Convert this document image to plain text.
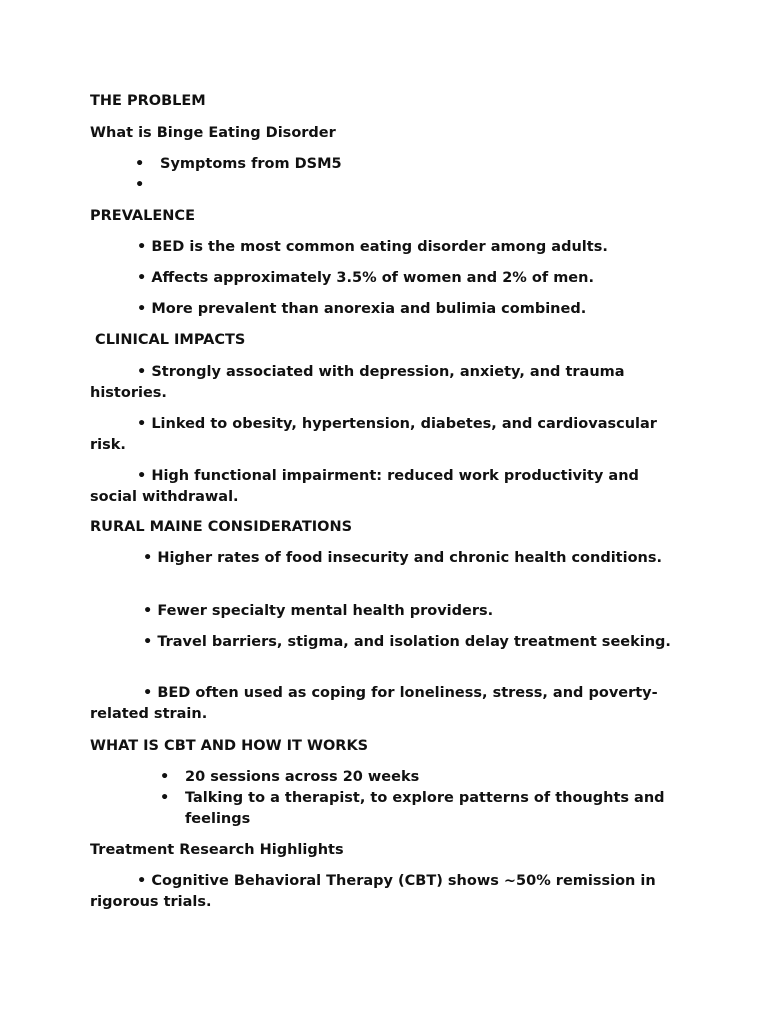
THE PROBLEM
What is Binge Eating Disorder
• Symptoms from DSM5
•
PREVALENCE
• BED is the most common eating disorder among adults.
• Affects approximately 3.5% of women and 2% of men.
• More prevalent than anorexia and bulimia combined.
CLINICAL IMPACTS
• Strongly associated with depression, anxiety, and trauma histories.
• Linked to obesity, hypertension, diabetes, and cardiovascular risk.
• High functional impairment: reduced work productivity and social withdrawal.
RURAL MAINE CONSIDERATIONS
• Higher rates of food insecurity and chronic health conditions.
• Fewer specialty mental health providers.
• Travel barriers, stigma, and isolation delay treatment seeking.
• BED often used as coping for loneliness, stress, and poverty-related strain.
WHAT IS CBT AND HOW IT WORKS
• 20 sessions across 20 weeks
• Talking to a therapist, to explore patterns of thoughts and feelings
Treatment Research Highlights
• Cognitive Behavioral Therapy (CBT) shows ~50% remission in rigorous trials.
